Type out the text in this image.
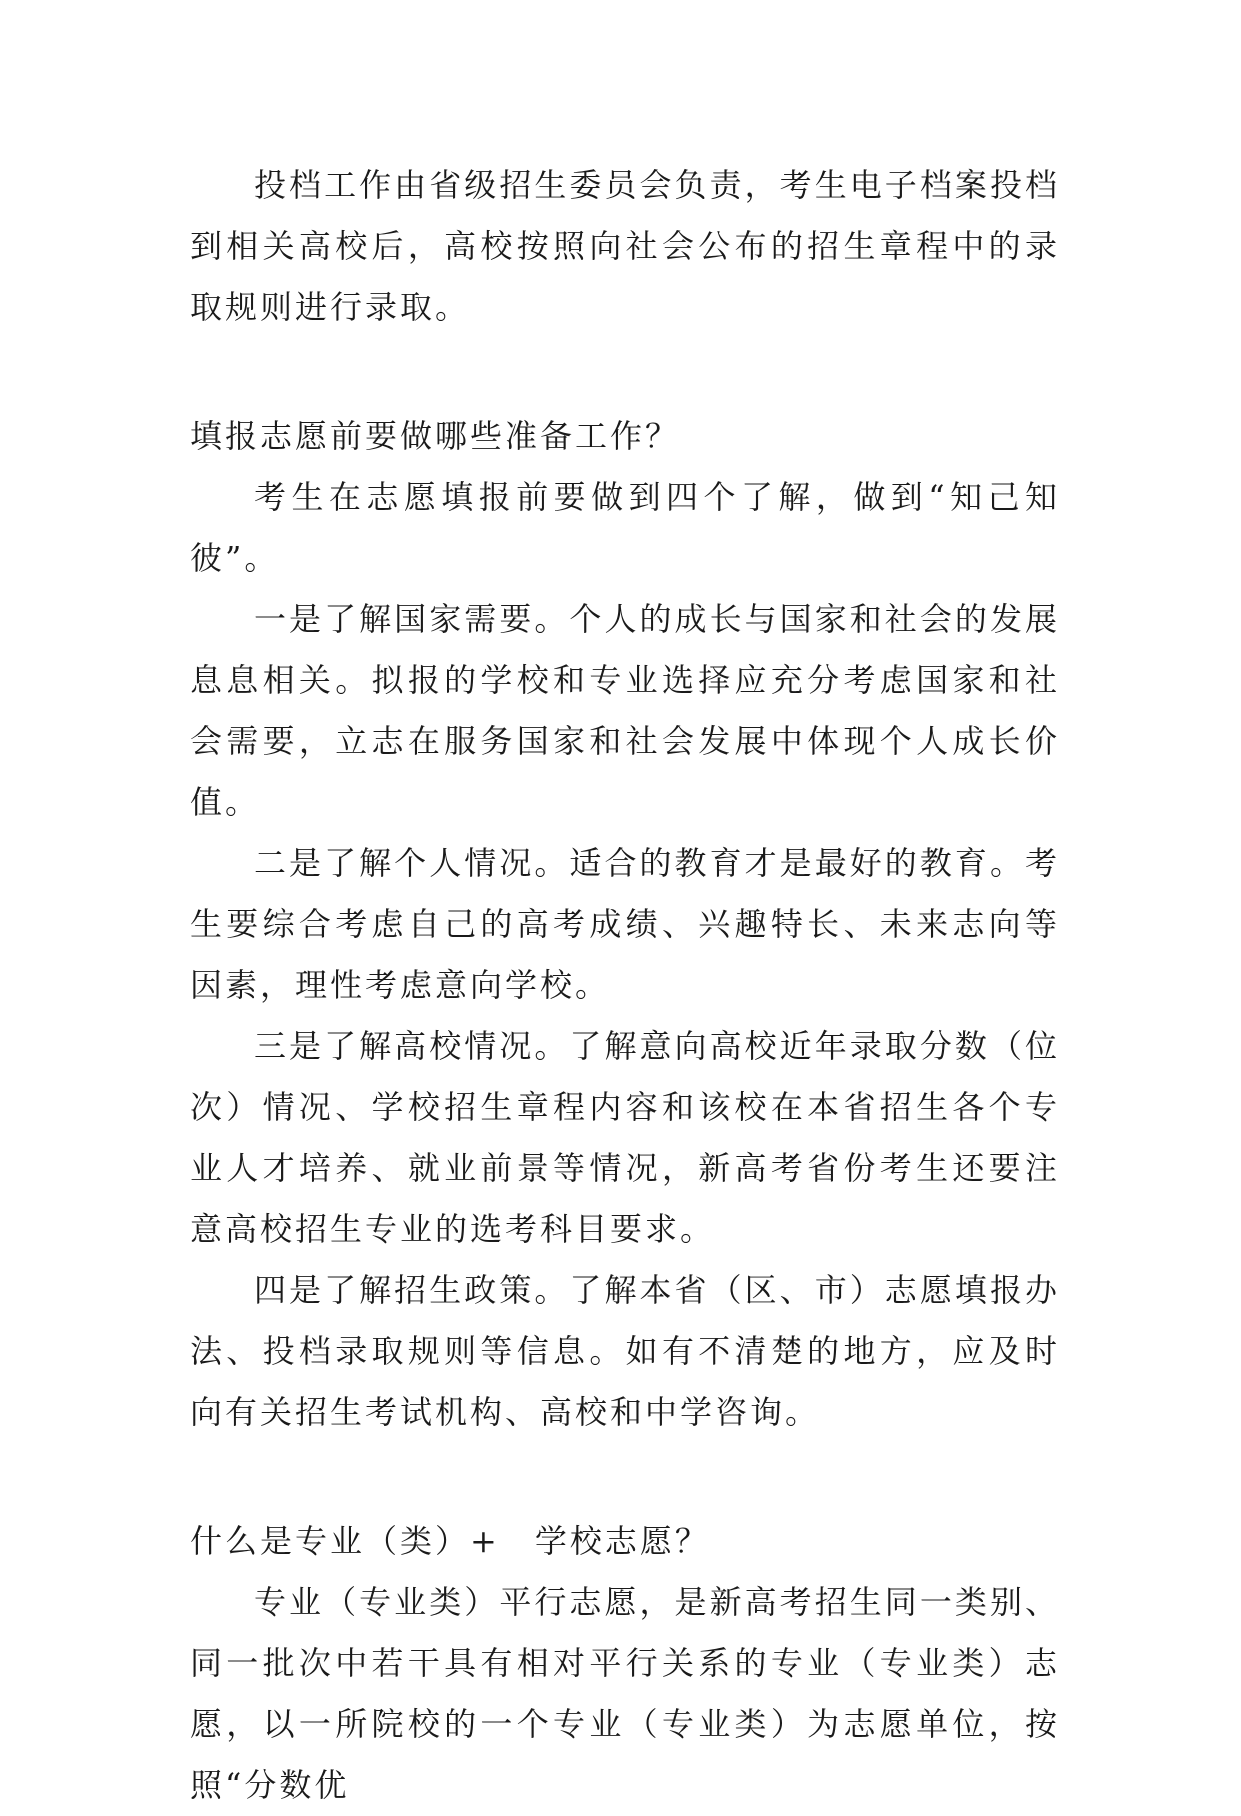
投档工作由省级招生委员会负责，考生电子档案投档到相关高校后，高校按照向社会公布的招生章程中的录取规则进行录取。

填报志愿前要做哪些准备工作？

考生在志愿填报前要做到四个了解，做到“知己知彼”。

一是了解国家需要。个人的成长与国家和社会的发展息息相关。拟报的学校和专业选择应充分考虑国家和社会需要，立志在服务国家和社会发展中体现个人成长价值。

二是了解个人情况。适合的教育才是最好的教育。考生要综合考虑自己的高考成绩、兴趣特长、未来志向等因素，理性考虑意向学校。

三是了解高校情况。了解意向高校近年录取分数（位次）情况、学校招生章程内容和该校在本省招生各个专业人才培养、就业前景等情况，新高考省份考生还要注意高校招生专业的选考科目要求。

四是了解招生政策。了解本省（区、市）志愿填报办法、投档录取规则等信息。如有不清楚的地方，应及时向有关招生考试机构、高校和中学咨询。

什么是专业（类）+　学校志愿？

专业（专业类）平行志愿，是新高考招生同一类别、同一批次中若干具有相对平行关系的专业（专业类）志愿，以一所院校的一个专业（专业类）为志愿单位，按照“分数优
